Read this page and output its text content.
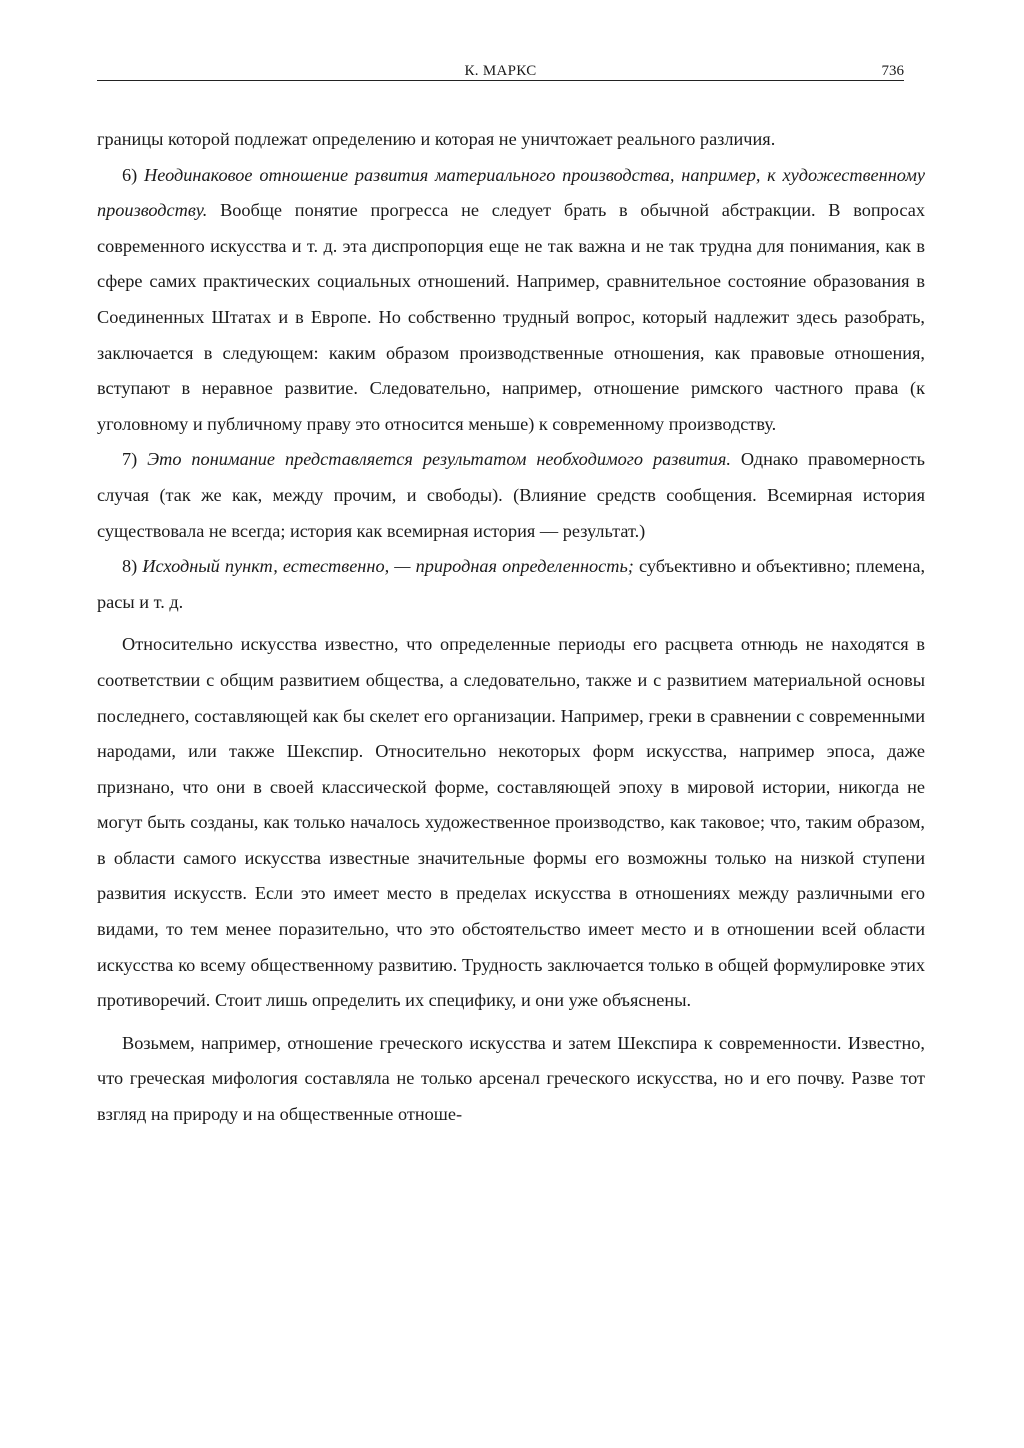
К. МАРКС	736

границы которой подлежат определению и которая не уничтожает реального различия.

6) Неодинаковое отношение развития материального производства, например, к художественному производству. Вообще понятие прогресса не следует брать в обычной абстракции. В вопросах современного искусства и т. д. эта диспропорция еще не так важна и не так трудна для понимания, как в сфере самих практических социальных отношений. Например, сравнительное состояние образования в Соединенных Штатах и в Европе. Но собственно трудный вопрос, который надлежит здесь разобрать, заключается в следующем: каким образом производственные отношения, как правовые отношения, вступают в неравное развитие. Следовательно, например, отношение римского частного права (к уголовному и публичному праву это относится меньше) к современному производству.

7) Это понимание представляется результатом необходимого развития. Однако правомерность случая (так же как, между прочим, и свободы). (Влияние средств сообщения. Всемирная история существовала не всегда; история как всемирная история — результат.)

8) Исходный пункт, естественно, — природная определенность; субъективно и объективно; племена, расы и т. д.

Относительно искусства известно, что определенные периоды его расцвета отнюдь не находятся в соответствии с общим развитием общества, а следовательно, также и с развитием материальной основы последнего, составляющей как бы скелет его организации. Например, греки в сравнении с современными народами, или также Шекспир. Относительно некоторых форм искусства, например эпоса, даже признано, что они в своей классической форме, составляющей эпоху в мировой истории, никогда не могут быть созданы, как только началось художественное производство, как таковое; что, таким образом, в области самого искусства известные значительные формы его возможны только на низкой ступени развития искусств. Если это имеет место в пределах искусства в отношениях между различными его видами, то тем менее поразительно, что это обстоятельство имеет место и в отношении всей области искусства ко всему общественному развитию. Трудность заключается только в общей формулировке этих противоречий. Стоит лишь определить их специфику, и они уже объяснены.

Возьмем, например, отношение греческого искусства и затем Шекспира к современности. Известно, что греческая мифология составляла не только арсенал греческого искусства, но и его почву. Разве тот взгляд на природу и на общественные отноше-
